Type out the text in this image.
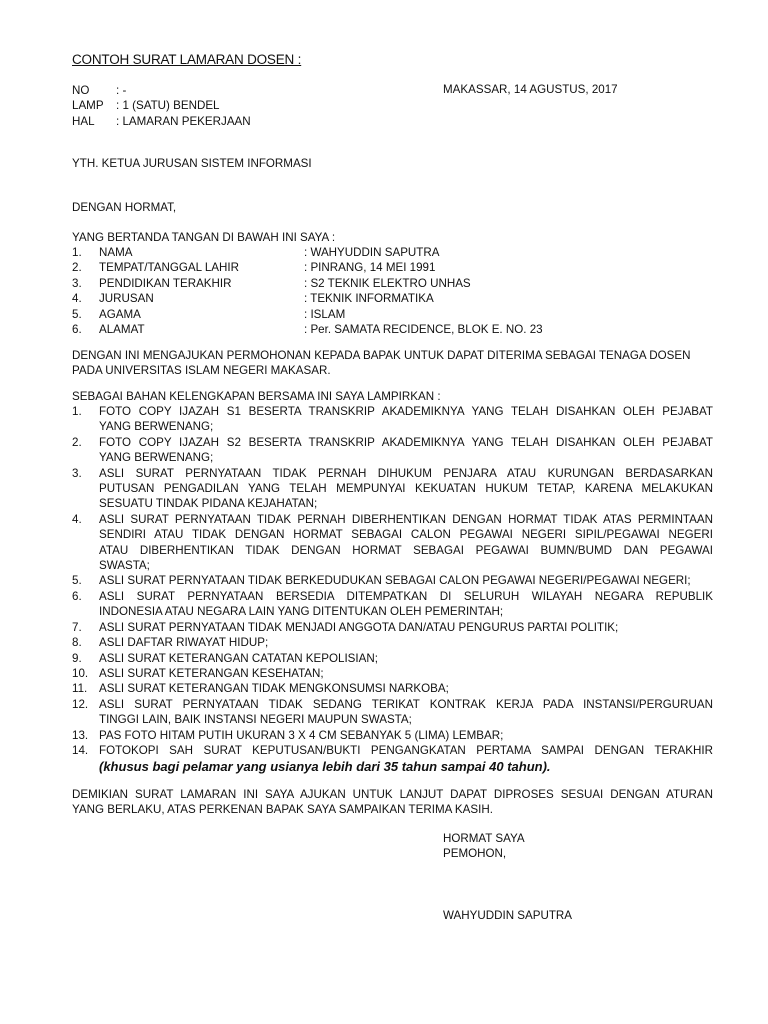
CONTOH SURAT LAMARAN DOSEN :
NO	: -
LAMP	: 1 (SATU) BENDEL
HAL	: LAMARAN PEKERJAAN
MAKASSAR, 14 AGUSTUS, 2017
YTH. KETUA JURUSAN SISTEM INFORMASI
DENGAN HORMAT,
YANG BERTANDA TANGAN DI BAWAH INI SAYA :
1.	NAMA	: WAHYUDDIN SAPUTRA
2.	TEMPAT/TANGGAL LAHIR	: PINRANG, 14 MEI 1991
3.	PENDIDIKAN TERAKHIR	: S2 TEKNIK ELEKTRO UNHAS
4.	JURUSAN	: TEKNIK INFORMATIKA
5.	AGAMA	: ISLAM
6.	ALAMAT	: Per. SAMATA RECIDENCE, BLOK E. NO. 23
DENGAN INI MENGAJUKAN PERMOHONAN KEPADA BAPAK UNTUK DAPAT DITERIMA SEBAGAI TENAGA DOSEN
PADA UNIVERSITAS ISLAM NEGERI MAKASAR.
SEBAGAI BAHAN KELENGKAPAN BERSAMA INI SAYA LAMPIRKAN :
1.	FOTO COPY IJAZAH S1 BESERTA TRANSKRIP AKADEMIKNYA YANG TELAH DISAHKAN OLEH PEJABAT
YANG BERWENANG;
2.	FOTO COPY IJAZAH S2 BESERTA TRANSKRIP AKADEMIKNYA YANG TELAH DISAHKAN OLEH PEJABAT
YANG BERWENANG;
3.	ASLI SURAT PERNYATAAN TIDAK PERNAH DIHUKUM PENJARA ATAU KURUNGAN BERDASARKAN
PUTUSAN PENGADILAN YANG TELAH MEMPUNYAI KEKUATAN HUKUM TETAP, KARENA MELAKUKAN
SESUATU TINDAK PIDANA KEJAHATAN;
4.	ASLI SURAT PERNYATAAN TIDAK PERNAH DIBERHENTIKAN DENGAN HORMAT TIDAK ATAS PERMINTAAN
SENDIRI ATAU TIDAK DENGAN HORMAT SEBAGAI CALON PEGAWAI NEGERI SIPIL/PEGAWAI NEGERI
ATAU DIBERHENTIKAN TIDAK DENGAN HORMAT SEBAGAI PEGAWAI BUMN/BUMD DAN PEGAWAI
SWASTA;
5.	ASLI SURAT PERNYATAAN TIDAK BERKEDUDUKAN SEBAGAI CALON PEGAWAI NEGERI/PEGAWAI NEGERI;
6.	ASLI SURAT PERNYATAAN BERSEDIA DITEMPATKAN DI SELURUH WILAYAH NEGARA REPUBLIK
INDONESIA ATAU NEGARA LAIN YANG DITENTUKAN OLEH PEMERINTAH;
7.	ASLI SURAT PERNYATAAN TIDAK MENJADI ANGGOTA DAN/ATAU PENGURUS PARTAI POLITIK;
8.	ASLI DAFTAR RIWAYAT HIDUP;
9.	ASLI SURAT KETERANGAN CATATAN KEPOLISIAN;
10. ASLI SURAT KETERANGAN KESEHATAN;
11.	ASLI SURAT KETERANGAN TIDAK MENGKONSUMSI NARKOBA;
12. ASLI SURAT PERNYATAAN TIDAK SEDANG TERIKAT KONTRAK KERJA PADA INSTANSI/PERGURUAN
TINGGI LAIN, BAIK INSTANSI NEGERI MAUPUN SWASTA;
13. PAS FOTO HITAM PUTIH UKURAN 3 X 4 CM SEBANYAK 5 (LIMA) LEMBAR;
14. FOTOKOPI SAH SURAT KEPUTUSAN/BUKTI PENGANGKATAN PERTAMA SAMPAI DENGAN TERAKHIR
(khusus bagi pelamar yang usianya lebih dari 35 tahun sampai 40 tahun).
DEMIKIAN SURAT LAMARAN INI SAYA AJUKAN UNTUK LANJUT DAPAT DIPROSES SESUAI DENGAN ATURAN
YANG BERLAKU, ATAS PERKENAN BAPAK SAYA SAMPAIKAN TERIMA KASIH.
HORMAT SAYA
PEMOHON,
WAHYUDDIN SAPUTRA
